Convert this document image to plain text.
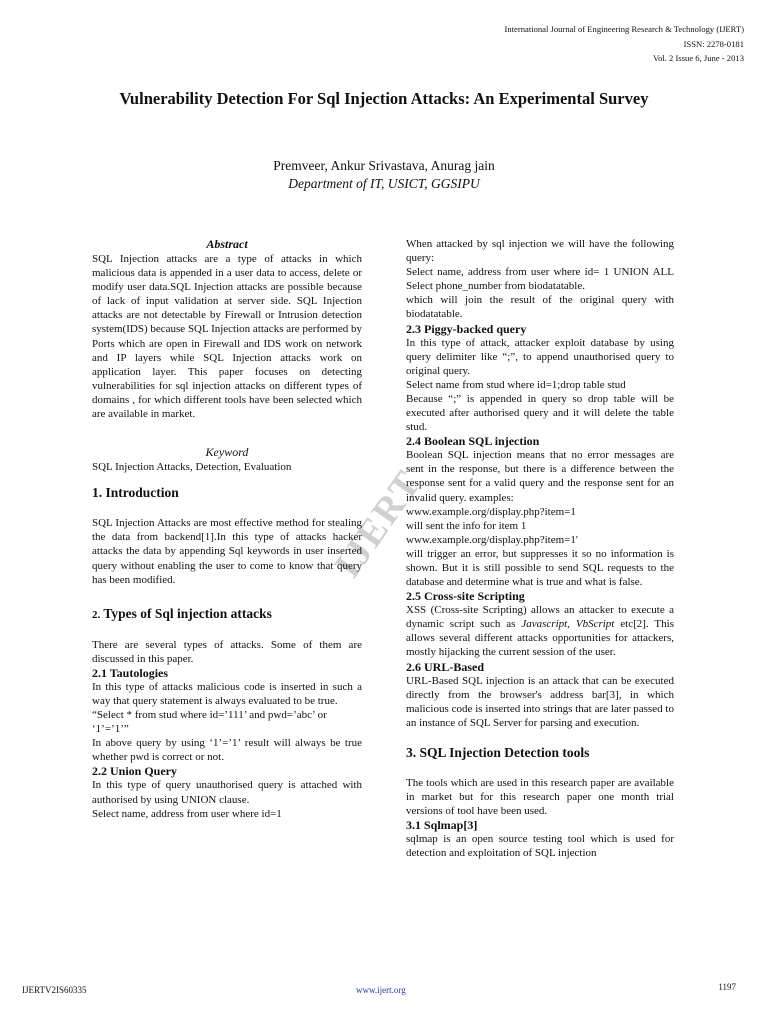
International Journal of Engineering Research & Technology (IJERT)
ISSN: 2278-0181
Vol. 2 Issue 6, June - 2013
Vulnerability Detection For Sql Injection Attacks: An Experimental Survey
Premveer, Ankur Srivastava, Anurag jain
Department of IT, USICT, GGSIPU
IJERT
Abstract

SQL Injection attacks are a type of attacks in which malicious data is appended in a user data to access, delete or modify user data.SQL Injection attacks are possible because of lack of input validation at server side. SQL Injection attacks are not detectable by Firewall or Intrusion detection system(IDS) because SQL Injection attacks are performed by Ports which are open in Firewall and IDS work on network and IP layers while SQL Injection attacks work on application layer. This paper focuses on detecting vulnerabilities for sql injection attacks on different types of domains , for which different tools have been selected which are available in market.

Keyword

SQL Injection Attacks, Detection, Evaluation

1. Introduction

SQL Injection Attacks are most effective method for stealing the data from backend[1].In this type of attacks hacker attacks the data by appending Sql keywords in user inserted query without enabling the user to come to know that query has been modified.

2. Types of Sql injection attacks

There are several types of attacks. Some of them are discussed in this paper.

2.1 Tautologies

In this type of attacks malicious code is inserted in such a way that query statement is always evaluated to be true.

“Select * from stud where id=’111’ and pwd=’abc’ or ‘1’=’1’”

In above query by using ‘1’=’1’ result will always be true whether pwd is correct or not.

2.2 Union Query

In this type of query unauthorised query is attached with authorised by using UNION clause.

Select name, address from user where id=1

When attacked by sql injection we will have the following query:

Select name, address from user where id= 1 UNION ALL Select phone_number from biodatatable.

which will join the result of the original query with biodatatable.

2.3 Piggy-backed query

In this type of attack, attacker exploit database by using query delimiter like “;”, to append unauthorised query to original query.

Select name from stud where id=1;drop table stud

Because “;” is appended in query so drop table will be executed after authorised query and it will delete the table stud.

2.4 Boolean SQL injection

Boolean SQL injection means that no error messages are sent in the response, but there is a difference between the response sent for a valid query and the response sent for an invalid query. examples:

www.example.org/display.php?item=1

will sent the info for item 1

www.example.org/display.php?item=1'

will trigger an error, but suppresses it so no information is shown. But it is still possible to send SQL requests to the database and determine what is true and what is false.

2.5 Cross-site Scripting

XSS (Cross-site Scripting) allows an attacker to execute a dynamic script such as Javascript, VbScript etc[2]. This allows several different attacks opportunities for attackers, mostly hijacking the current session of the user.

2.6 URL-Based

URL-Based SQL injection is an attack that can be executed directly from the browser's address bar[3], in which malicious code is inserted into strings that are later passed to an instance of SQL Server for parsing and execution.

3. SQL Injection Detection tools

The tools which are used in this research paper are available in market but for this research paper one month trial versions of tool have been used.

3.1 Sqlmap[3]

sqlmap is an open source testing tool which is used for detection and exploitation of SQL injection

IJERTV2IS60335	www.ijert.org	1197
